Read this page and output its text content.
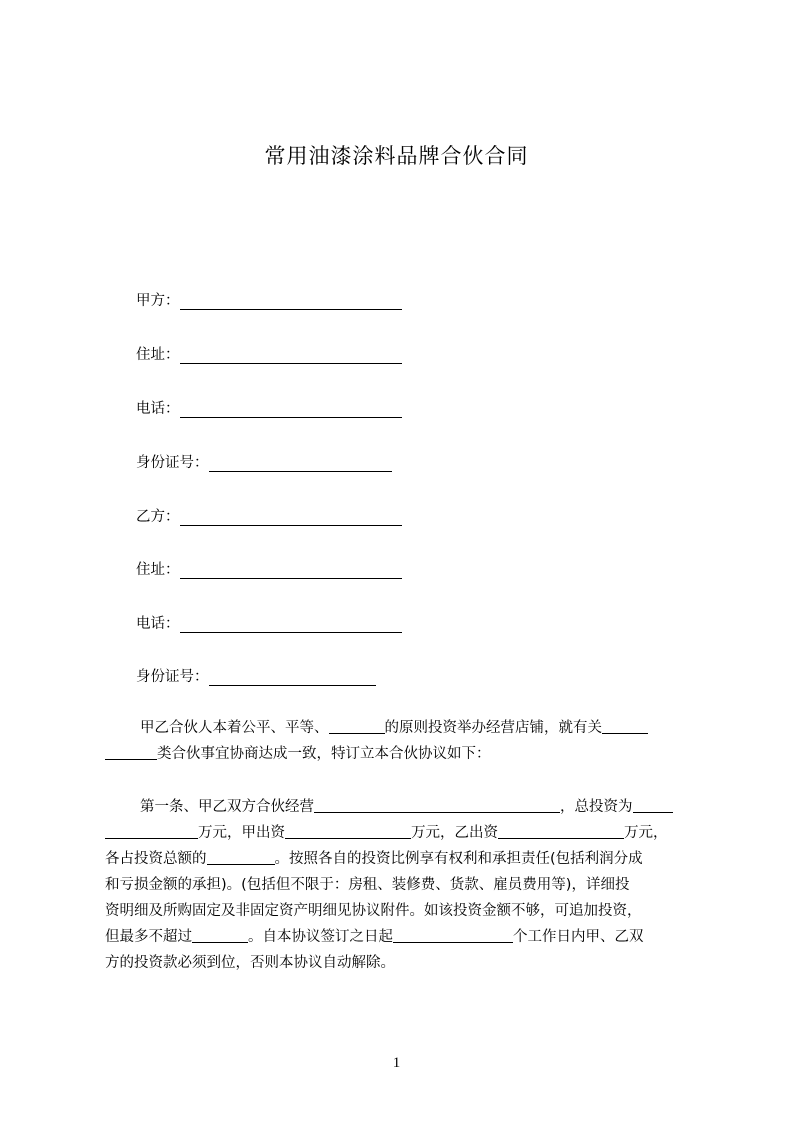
常用油漆涂料品牌合伙合同
甲方：
住址：
电话：
身份证号：
乙方：
住址：
电话：
身份证号：
甲乙合伙人本着公平、平等、	的原则投资举办经营店铺，就有关
类合伙事宜协商达成一致，特订立本合伙协议如下：
第一条、甲乙双方合伙经营	，总投资为
万元，甲出资	万元，乙出资	万元，
各占投资总额的	。按照各自的投资比例享有权利和承担责任(包括利润分成
和亏损金额的承担)。(包括但不限于：房租、装修费、货款、雇员费用等)，详细投
资明细及所购固定及非固定资产明细见协议附件。如该投资金额不够，可追加投资，
但最多不超过	。自本协议签订之日起	个工作日内甲、乙双
方的投资款必须到位，否则本协议自动解除。
1
